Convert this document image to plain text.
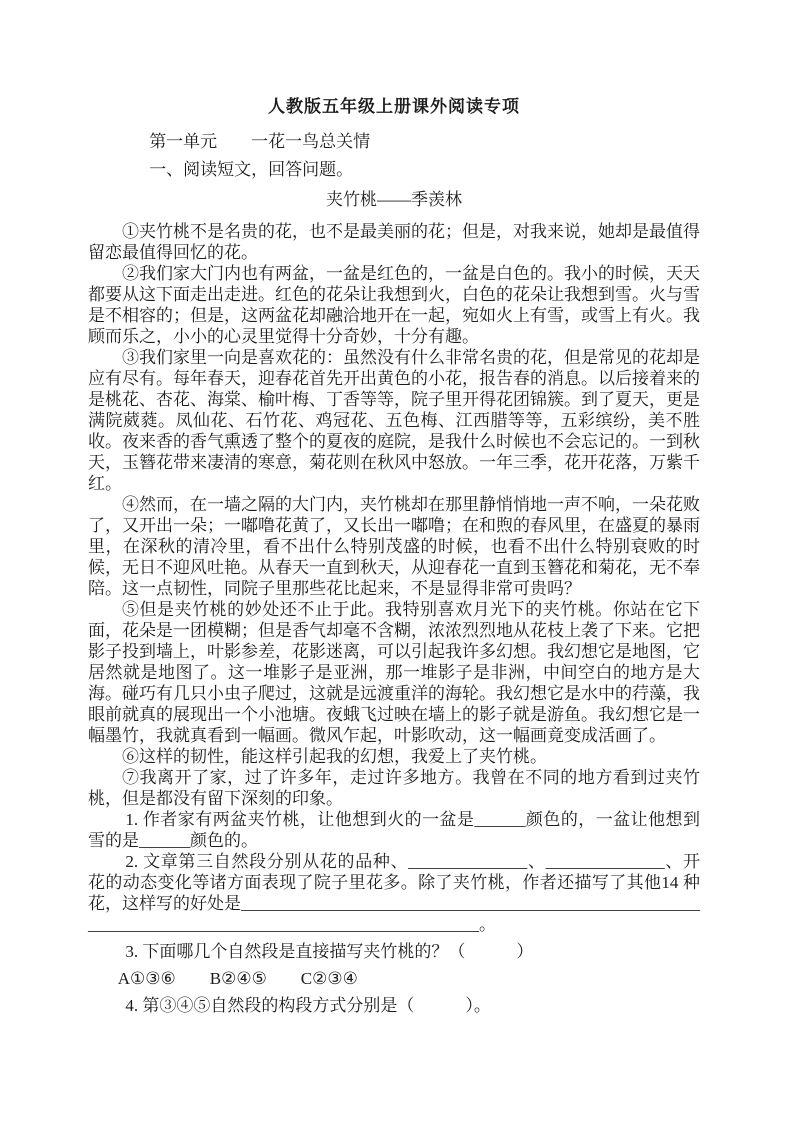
人教版五年级上册课外阅读专项
第一单元　　一花一鸟总关情
一、阅读短文，回答问题。
夹竹桃——季羡林
①夹竹桃不是名贵的花，也不是最美丽的花；但是，对我来说，她却是最值得留恋最值得回忆的花。
②我们家大门内也有两盆，一盆是红色的，一盆是白色的。我小的时候，天天都要从这下面走出走进。红色的花朵让我想到火，白色的花朵让我想到雪。火与雪是不相容的；但是，这两盆花却融洽地开在一起，宛如火上有雪，或雪上有火。我顾而乐之，小小的心灵里觉得十分奇妙，十分有趣。
③我们家里一向是喜欢花的：虽然没有什么非常名贵的花，但是常见的花却是应有尽有。每年春天，迎春花首先开出黄色的小花，报告春的消息。以后接着来的是桃花、杏花、海棠、榆叶梅、丁香等等，院子里开得花团锦簇。到了夏天，更是满院葳蕤。凤仙花、石竹花、鸡冠花、五色梅、江西腊等等，五彩缤纷，美不胜收。夜来香的香气熏透了整个的夏夜的庭院，是我什么时候也不会忘记的。一到秋天，玉簪花带来凄清的寒意，菊花则在秋风中怒放。一年三季，花开花落，万紫千红。
④然而，在一墙之隔的大门内，夹竹桃却在那里静悄悄地一声不响，一朵花败了，又开出一朵；一嘟噜花黄了，又长出一嘟噜；在和煦的春风里，在盛夏的暴雨里，在深秋的清冷里，看不出什么特别茂盛的时候，也看不出什么特别衰败的时候，无日不迎风吐艳。从春天一直到秋天，从迎春花一直到玉簪花和菊花，无不奉陪。这一点韧性，同院子里那些花比起来，不是显得非常可贵吗？
⑤但是夹竹桃的妙处还不止于此。我特别喜欢月光下的夹竹桃。你站在它下面，花朵是一团模糊；但是香气却毫不含糊，浓浓烈烈地从花枝上袭了下来。它把影子投到墙上，叶影参差，花影迷离，可以引起我许多幻想。我幻想它是地图，它居然就是地图了。这一堆影子是亚洲，那一堆影子是非洲，中间空白的地方是大海。碰巧有几只小虫子爬过，这就是远渡重洋的海轮。我幻想它是水中的荇藻，我眼前就真的展现出一个小池塘。夜蛾飞过映在墙上的影子就是游鱼。我幻想它是一幅墨竹，我就真看到一幅画。微风乍起，叶影吹动，这一幅画竟变成活画了。
⑥这样的韧性，能这样引起我的幻想，我爱上了夹竹桃。
⑦我离开了家，过了许多年，走过许多地方。我曾在不同的地方看到过夹竹桃，但是都没有留下深刻的印象。
1. 作者家有两盆夹竹桃，让他想到火的一盆是______颜色的，一盆让他想到雪的是______颜色的。
2. 文章第三自然段分别从花的品种、______________、______________、开花的动态变化等诸方面表现了院子里花多。除了夹竹桃，作者还描写了其他14 种花，这样写的好处是____________________________________________________________________________________________________。
3. 下面哪几个自然段是直接描写夹竹桃的？（　　　）
A①③⑥　　B②④⑤　　C②③④
4. 第③④⑤自然段的构段方式分别是（　　　）。
